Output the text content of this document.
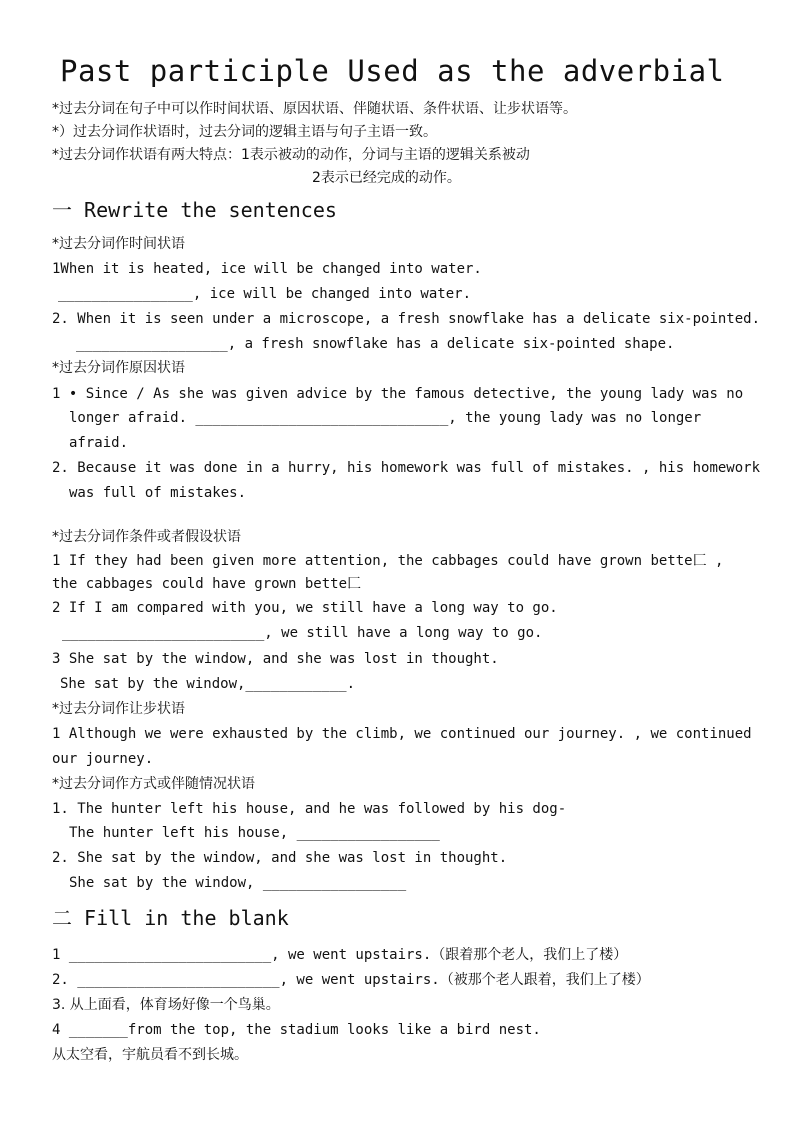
Past participle Used as the adverbial
*过去分词在句子中可以作时间状语、原因状语、伴随状语、条件状语、让步状语等。
*）过去分词作状语时，过去分词的逻辑主语与句子主语一致。
*过去分词作状语有两大特点：1表示被动的动作，分词与主语的逻辑关系被动
2表示已经完成的动作。
一 Rewrite the sentences
*过去分词作时间状语
1When it is heated, ice will be changed into water.
________________, ice will be changed into water.
2. When it is seen under a microscope, a fresh snowflake has a delicate six-pointed.
__________________, a fresh snowflake has a delicate six-pointed shape.
*过去分词作原因状语
1 • Since / As she was given advice by the famous detective, the young lady was no
longer afraid. ______________________________, the young lady was no longer
afraid.
2. Because it was done in a hurry, his homework was full of mistakes. , his homework
was full of mistakes.
*过去分词作条件或者假设状语
1 If they had been given more attention, the cabbages could have grown bette匚 ,
the cabbages could have grown bette匚
2 If I am compared with you, we still have a long way to go.
________________________, we still have a long way to go.
3 She sat by the window, and she was lost in thought.
She sat by the window,____________.
*过去分词作让步状语
1 Although we were exhausted by the climb, we continued our journey. , we continued
our journey.
*过去分词作方式或伴随情况状语
1. The hunter left his house, and he was followed by his dog-
The hunter left his house, _________________
2. She sat by the window, and she was lost in thought.
She sat by the window, _________________
二 Fill in the blank
1 ________________________, we went upstairs.（跟着那个老人，我们上了楼）
2. ________________________, we went upstairs.（被那个老人跟着，我们上了楼）
3. 从上面看，体育场好像一个鸟巢。
4 _______from the top, the stadium looks like a bird nest.
从太空看，宇航员看不到长城。
